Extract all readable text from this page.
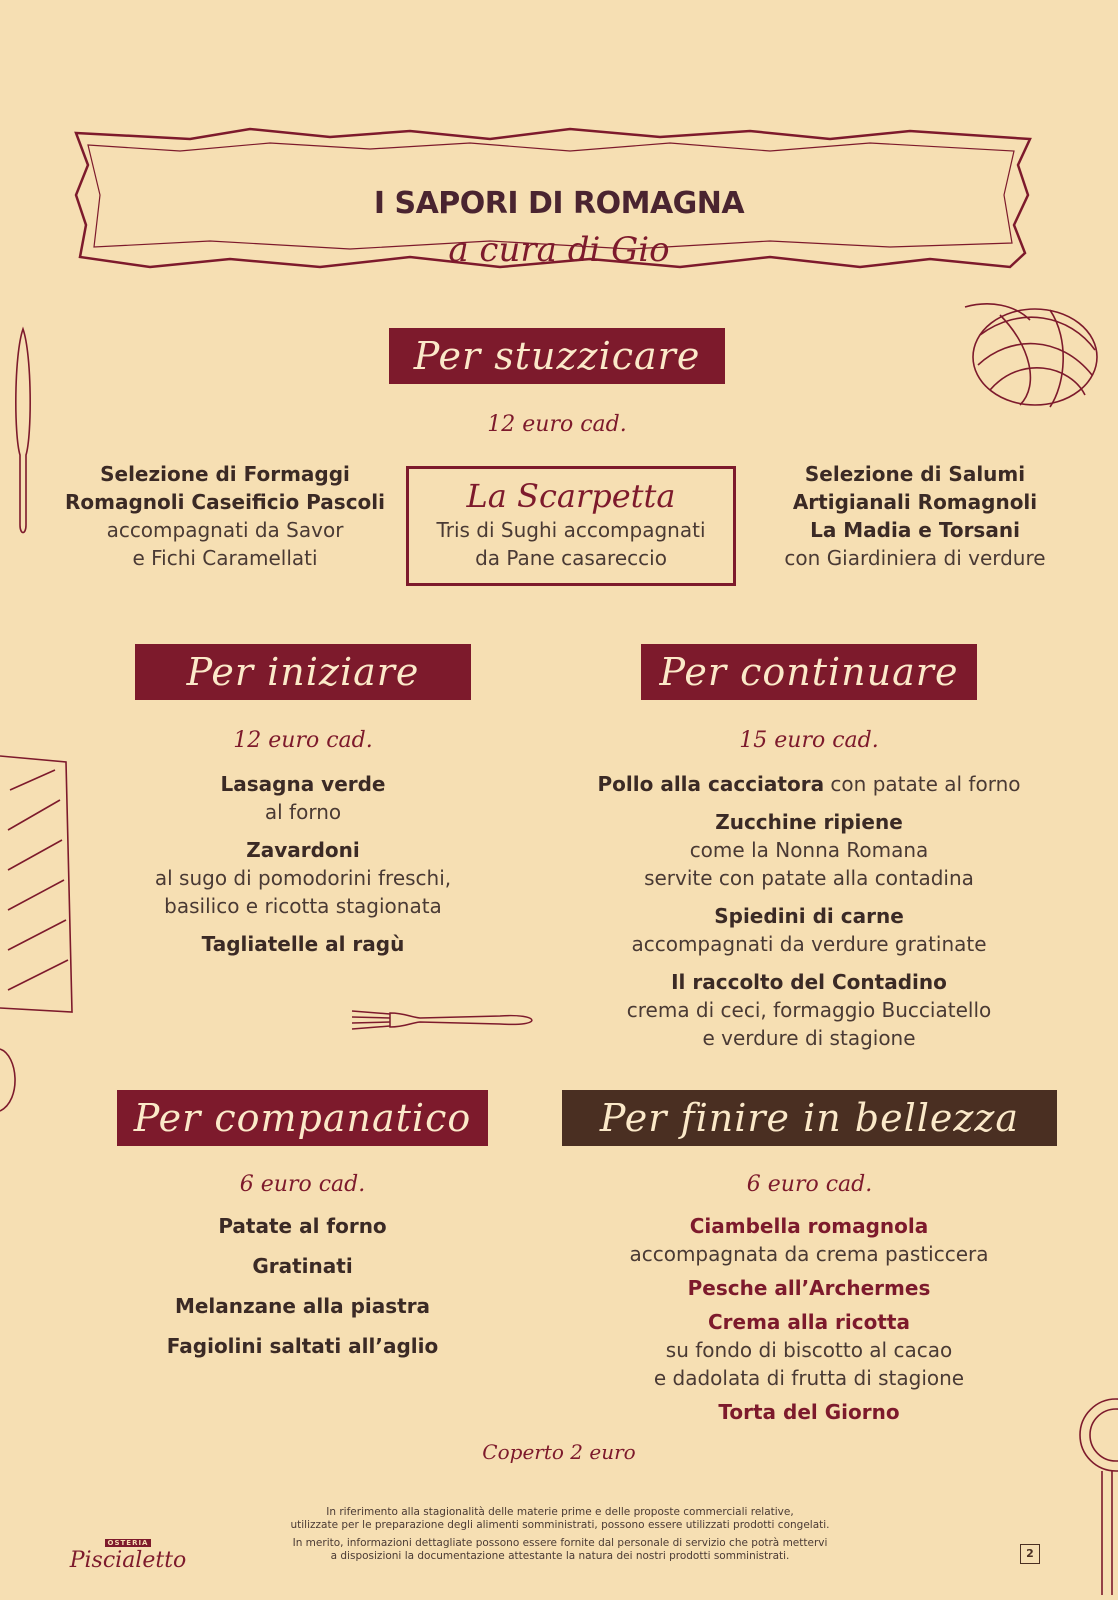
I SAPORI DI ROMAGNA
a cura di Gio
Per stuzzicare
12 euro cad.
Selezione di Formaggi
Romagnoli Caseificio Pascoli
accompagnati da Savor
e Fichi Caramellati
La Scarpetta
Tris di Sughi accompagnati
da Pane casareccio
Selezione di Salumi
Artigianali Romagnoli
La Madia e Torsani
con Giardiniera di verdure
Per iniziare
12 euro cad.
Lasagna verde
al forno
Zavardoni
al sugo di pomodorini freschi,
basilico e ricotta stagionata
Tagliatelle al ragù
Per continuare
15 euro cad.
Pollo alla cacciatora con patate al forno
Zucchine ripiene
come la Nonna Romana
servite con patate alla contadina
Spiedini di carne
accompagnati da verdure gratinate
Il raccolto del Contadino
crema di ceci, formaggio Bucciatello
e verdure di stagione
Per companatico
6 euro cad.
Patate al forno
Gratinati
Melanzane alla piastra
Fagiolini saltati all’aglio
Per finire in bellezza
6 euro cad.
Ciambella romagnola
accompagnata da crema pasticcera
Pesche all’Archermes
Crema alla ricotta
su fondo di biscotto al cacao
e dadolata di frutta di stagione
Torta del Giorno
Coperto 2 euro
OSTERIA
Piscialetto
In riferimento alla stagionalità delle materie prime e delle proposte commerciali relative,
utilizzate per le preparazione degli alimenti somministrati, possono essere utilizzati prodotti congelati.
In merito, informazioni dettagliate possono essere fornite dal personale di servizio che potrà mettervi
a disposizioni la documentazione attestante la natura dei nostri prodotti somministrati.	2
